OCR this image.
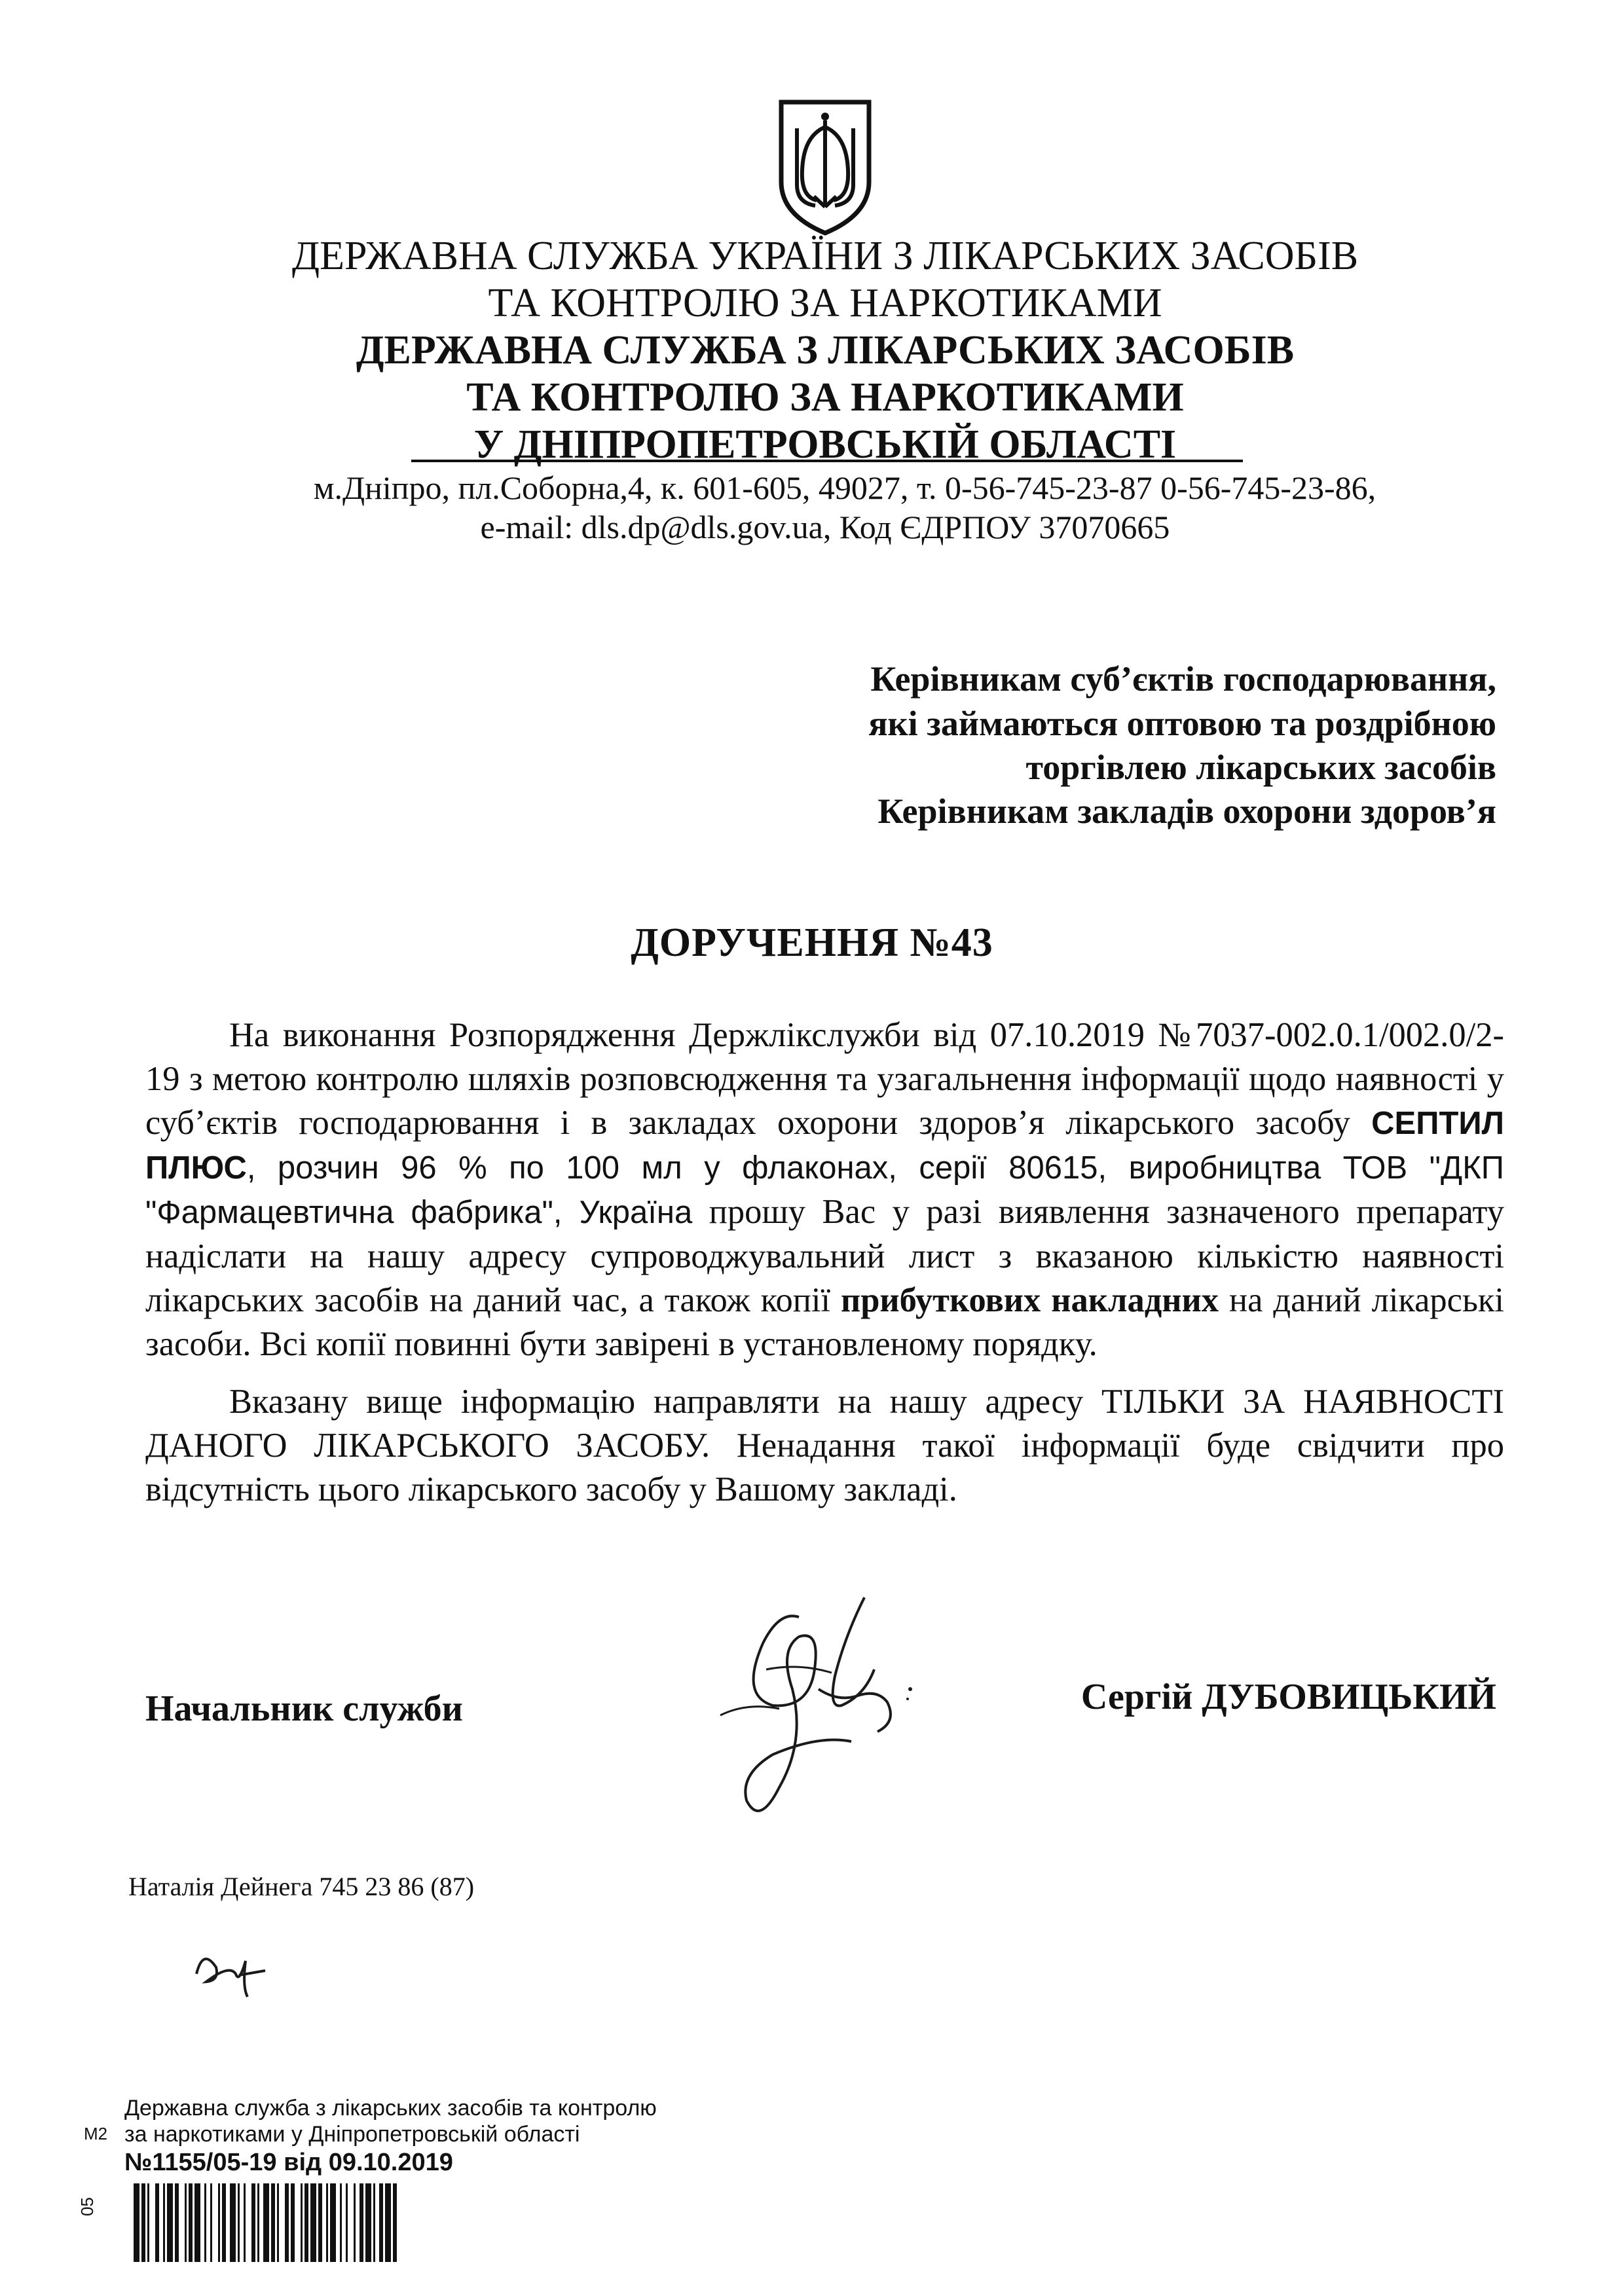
ДЕРЖАВНА СЛУЖБА УКРАЇНИ З ЛІКАРСЬКИХ ЗАСОБІВ
ТА КОНТРОЛЮ ЗА НАРКОТИКАМИ
ДЕРЖАВНА СЛУЖБА З ЛІКАРСЬКИХ ЗАСОБІВ
ТА КОНТРОЛЮ ЗА НАРКОТИКАМИ
У ДНІПРОПЕТРОВСЬКІЙ ОБЛАСТІ
м.Дніпро, пл.Соборна,4, к. 601-605, 49027, т. 0-56-745-23-87 0-56-745-23-86,
e-mail: dls.dp@dls.gov.ua, Код ЄДРПОУ 37070665
Керівникам суб’єктів господарювання,
які займаються оптовою та роздрібною
торгівлею лікарських засобів
Керівникам закладів охорони здоров’я
ДОРУЧЕННЯ №43
На виконання Розпорядження Держлікслужби від 07.10.2019 №7037-002.0.1/002.0/2-19 з метою контролю шляхів розповсюдження та узагальнення інформації щодо наявності у суб’єктів господарювання і в закладах охорони здоров’я лікарського засобу СЕПТИЛ ПЛЮС, розчин 96 % по 100 мл у флаконах, серії 80615, виробництва ТОВ "ДКП "Фармацевтична фабрика", Україна прошу Вас у разі виявлення зазначеного препарату надіслати на нашу адресу супроводжувальний лист з вказаною кількістю наявності лікарських засобів на даний час, а також копії прибуткових накладних на даний лікарські засоби. Всі копії повинні бути завірені в установленому порядку.
Вказану вище інформацію направляти на нашу адресу ТІЛЬКИ ЗА НАЯВНОСТІ ДАНОГО ЛІКАРСЬКОГО ЗАСОБУ. Ненадання такої інформації буде свідчити про відсутність цього лікарського засобу у Вашому закладі.
Начальник служби	Сергій ДУБОВИЦЬКИЙ
Наталія Дейнега 745 23 86 (87)
Державна служба з лікарських засобів та контролю
М2 за наркотиками у Дніпропетровській області
№1155/05-19 від 09.10.2019
05
